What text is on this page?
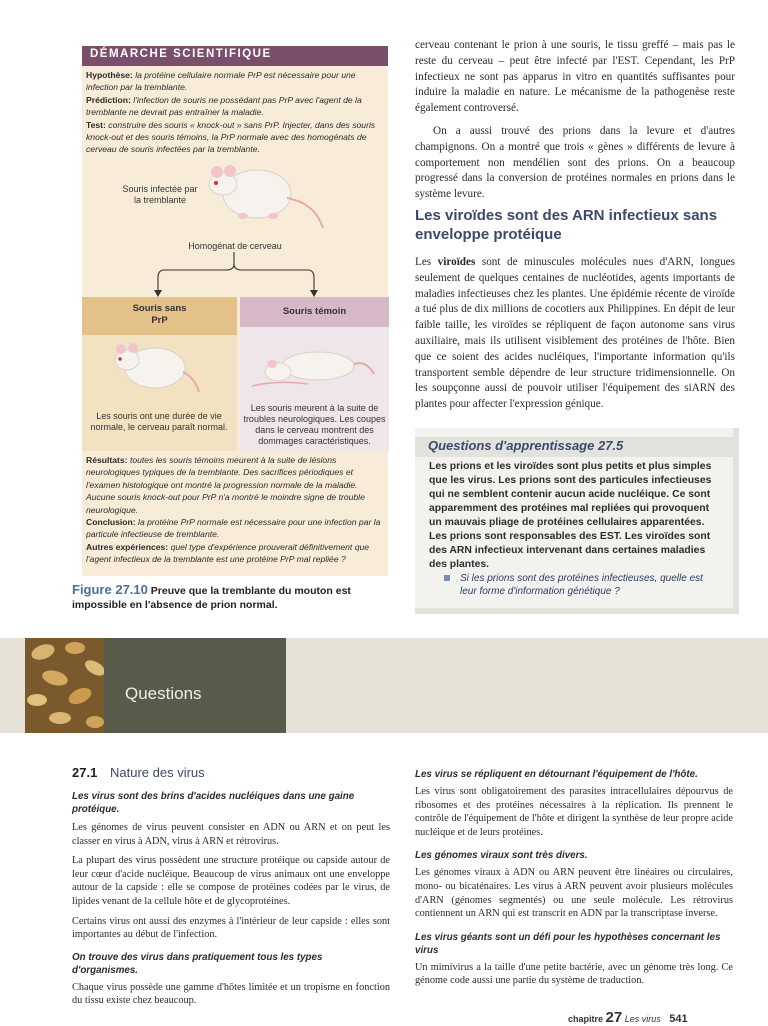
DÉMARCHE SCIENTIFIQUE
Hypothèse: la protéine cellulaire normale PrP est nécessaire pour une infection par la tremblante.
Prédiction: l'infection de souris ne possédant pas PrP avec l'agent de la tremblante ne devrait pas entraîner la maladie.
Test: construire des souris « knock-out » sans PrP. Injecter, dans des souris knock-out et des souris témoins, la PrP normale avec des homogénats de cerveau de souris infectées par la tremblante.
Souris infectée par la tremblante
Homogénat de cerveau
Souris sans PrP
Souris témoin
Les souris ont une durée de vie normale, le cerveau paraît normal.
Les souris meurent à la suite de troubles neurologiques. Les coupes dans le cerveau montrent des dommages caractéristiques.
Résultats: toutes les souris témoins meurent à la suite de lésions neurologiques typiques de la tremblante. Des sacrifices périodiques et l'examen histologique ont montré la progression normale de la maladie. Aucune souris knock-out pour PrP n'a montré le moindre signe de trouble neurologique.
Conclusion: la protéine PrP normale est nécessaire pour une infection par la particule infectieuse de tremblante.
Autres expériences: quel type d'expérience prouverait définitivement que l'agent infectieux de la tremblante est une protéine PrP mal repliée ?
Figure 27.10 Preuve que la tremblante du mouton est impossible en l'absence de prion normal.
cerveau contenant le prion à une souris, le tissu greffé – mais pas le reste du cerveau – peut être infecté par l'EST. Cependant, les PrP infectieux ne sont pas apparus in vitro en quantités suffisantes pour induire la maladie en nature. Le mécanisme de la pathogenèse reste également controversé.
On a aussi trouvé des prions dans la levure et d'autres champignons. On a montré que trois « gènes » différents de levure à comportement non mendélien sont des prions. On a beaucoup progressé dans la conversion de protéines normales en prions dans le système levure.
Les viroïdes sont des ARN infectieux sans enveloppe protéique
Les viroïdes sont de minuscules molécules nues d'ARN, longues seulement de quelques centaines de nucléotides, agents importants de maladies infectieuses chez les plantes. Une épidémie récente de viroïde a tué plus de dix millions de cocotiers aux Philippines. En dépit de leur faible taille, les viroïdes se répliquent de façon autonome sans virus auxiliaire, mais ils utilisent visiblement des protéines de l'hôte. Bien que ce soient des acides nucléiques, l'importante information qu'ils transportent semble dépendre de leur structure tridimensionnelle. On les soupçonne aussi de pouvoir utiliser l'équipement des siARN des plantes pour affecter l'expression génique.
Questions d'apprentissage 27.5
Les prions et les viroïdes sont plus petits et plus simples que les virus. Les prions sont des particules infectieuses qui ne semblent contenir aucun acide nucléique. Ce sont apparemment des protéines mal repliées qui provoquent un mauvais pliage de protéines cellulaires apparentées. Les prions sont responsables des EST. Les viroïdes sont des ARN infectieux intervenant dans certaines maladies des plantes.
Si les prions sont des protéines infectieuses, quelle est leur forme d'information génétique ?
Questions
27.1 Nature des virus
Les virus sont des brins d'acides nucléiques dans une gaine protéique.
Les génomes de virus peuvent consister en ADN ou ARN et on peut les classer en virus à ADN, virus à ARN et rétrovirus.
La plupart des virus possèdent une structure protéique ou capside autour de leur cœur d'acide nucléique. Beaucoup de virus animaux ont une enveloppe autour de la capside : elle se compose de protéines codées par le virus, de lipides venant de la cellule hôte et de glycoprotéines.
Certains virus ont aussi des enzymes à l'intérieur de leur capside : elles sont importantes au début de l'infection.
On trouve des virus dans pratiquement tous les types d'organismes.
Chaque virus possède une gamme d'hôtes limitée et un tropisme en fonction du tissu existe chez beaucoup.
Les virus se répliquent en détournant l'équipement de l'hôte.
Les virus sont obligatoirement des parasites intracellulaires dépourvus de ribosomes et des protéines nécessaires à la réplication. Ils prennent le contrôle de l'équipement de l'hôte et dirigent la synthèse de leur propre acide nucléique et de leurs protéines.
Les génomes viraux sont très divers.
Les génomes viraux à ADN ou ARN peuvent être linéaires ou circulaires, mono- ou bicaténaires. Les virus à ARN peuvent avoir plusieurs molécules d'ARN (génomes segmentés) ou une seule molécule. Les rétrovirus contiennent un ARN qui est transcrit en ADN par la transcriptase inverse.
Les virus géants sont un défi pour les hypothèses concernant les virus
Un mimivirus a la taille d'une petite bactérie, avec un génome très long. Ce génome code aussi une partie du système de traduction.
chapitre 27 Les virus 541
